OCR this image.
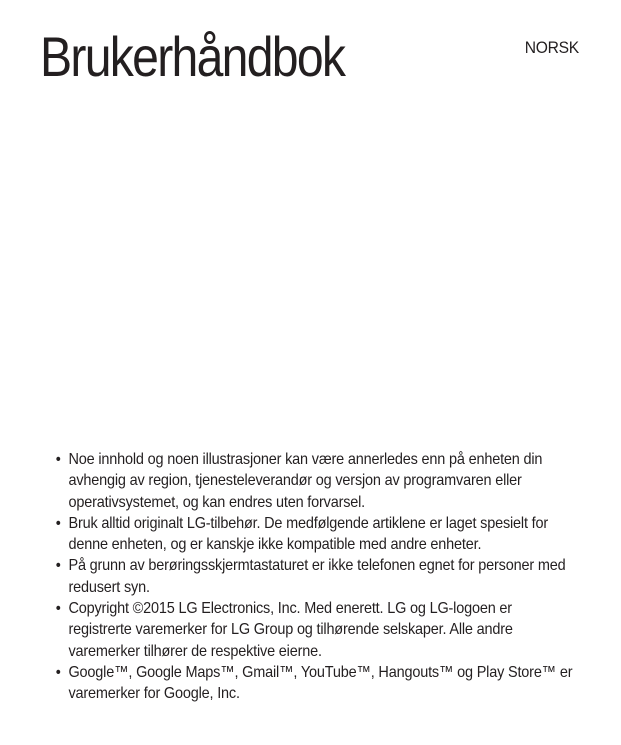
Brukerhåndbok	NORSK
• Noe innhold og noen illustrasjoner kan være annerledes enn på enheten din avhengig av region, tjenesteleverandør og versjon av programvaren eller operativsystemet, og kan endres uten forvarsel.
• Bruk alltid originalt LG-tilbehør. De medfølgende artiklene er laget spesielt for denne enheten, og er kanskje ikke kompatible med andre enheter.
• På grunn av berøringsskjermtastaturet er ikke telefonen egnet for personer med redusert syn.
• Copyright ©2015 LG Electronics, Inc. Med enerett. LG og LG-logoen er registrerte varemerker for LG Group og tilhørende selskaper. Alle andre varemerker tilhører de respektive eierne.
• Google™, Google Maps™, Gmail™, YouTube™, Hangouts™ og Play Store™ er varemerker for Google, Inc.
